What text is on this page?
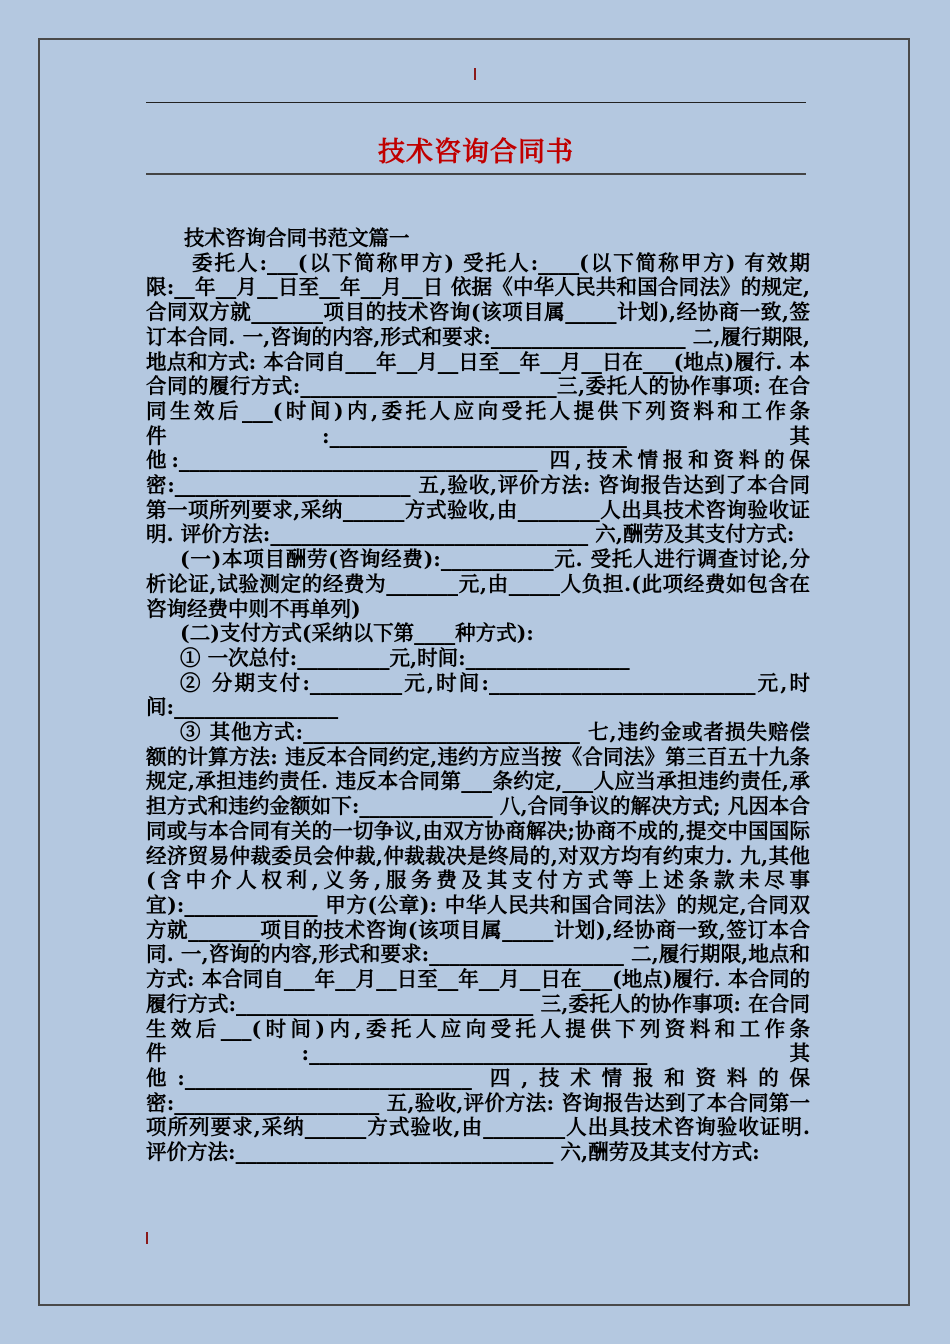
技术咨询合同书

技术咨询合同书范文篇一

委托人:___(以下简称甲方) 受托人:____(以下简称甲方) 有效期限:__年__月__日至__年__月__日 依据《中华人民共和国合同法》的规定,合同双方就_______项目的技术咨询(该项目属_____计划),经协商一致,签订本合同. 一,咨询的内容,形式和要求:___________________ 二,履行期限,地点和方式: 本合同自___年__月__日至__年__月__日在___(地点)履行. 本合同的履行方式:_________________________三,委托人的协作事项: 在合同生效后___(时间)内,委托人应向受托人提供下列资料和工作条件:_____________________________ 其他:___________________________________ 四,技术情报和资料的保密:_______________________ 五,验收,评价方法: 咨询报告达到了本合同第一项所列要求,采纳______方式验收,由________人出具技术咨询验收证明. 评价方法:_______________________________ 六,酬劳及其支付方式:

(一)本项目酬劳(咨询经费):___________元. 受托人进行调查讨论,分析论证,试验测定的经费为_______元,由_____人负担.(此项经费如包含在咨询经费中则不再单列)

(二)支付方式(采纳以下第____种方式):

① 一次总付:_________元,时间:________________

② 分期支付:_________元,时间:__________________________元,时间:________________

③ 其他方式:___________________________ 七,违约金或者损失赔偿额的计算方法: 违反本合同约定,违约方应当按《合同法》第三百五十九条规定,承担违约责任. 违反本合同第___条约定,___人应当承担违约责任,承担方式和违约金额如下:_____________ 八,合同争议的解决方式; 凡因本合同或与本合同有关的一切争议,由双方协商解决;协商不成的,提交中国国际经济贸易仲裁委员会仲裁,仲裁裁决是终局的,对双方均有约束力. 九,其他(含中介人权利,义务,服务费及其支付方式等上述条款未尽事宜):_____________ 甲方(公章): 中华人民共和国合同法》的规定,合同双方就_______项目的技术咨询(该项目属_____计划),经协商一致,签订本合同. 一,咨询的内容,形式和要求:___________________ 二,履行期限,地点和方式: 本合同自___年__月__日至__年__月__日在___(地点)履行. 本合同的履行方式:_____________________________ 三,委托人的协作事项: 在合同生效后___(时间)内,委托人应向受托人提供下列资料和工作条件:_________________________________ 其他:____________________________ 四,技术情报和资料的保密:____________________ 五,验收,评价方法: 咨询报告达到了本合同第一项所列要求,采纳______方式验收,由________人出具技术咨询验收证明. 评价方法:_______________________________ 六,酬劳及其支付方式:
